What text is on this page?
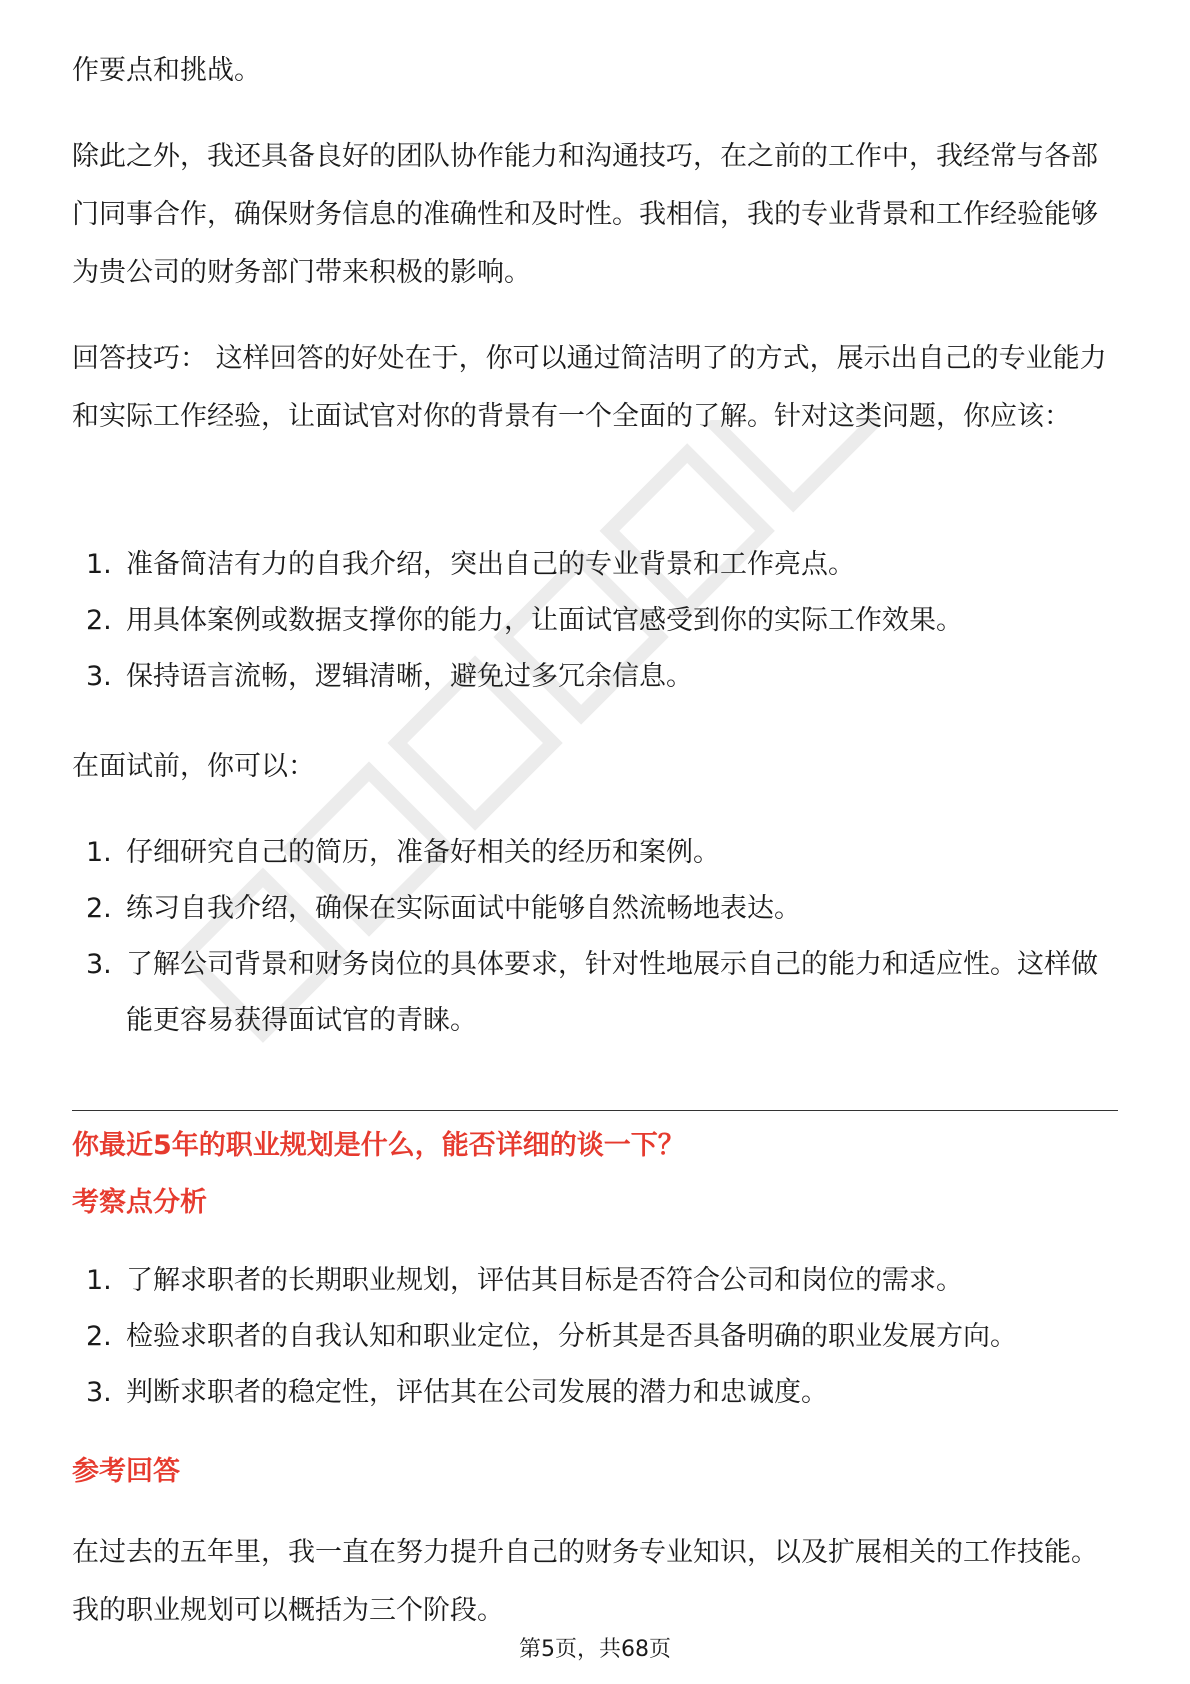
作要点和挑战。

除此之外，我还具备良好的团队协作能力和沟通技巧，在之前的工作中，我经常与各部门同事合作，确保财务信息的准确性和及时性。我相信，我的专业背景和工作经验能够为贵公司的财务部门带来积极的影响。

回答技巧： 这样回答的好处在于，你可以通过简洁明了的方式，展示出自己的专业能力和实际工作经验，让面试官对你的背景有一个全面的了解。针对这类问题，你应该：

1. 准备简洁有力的自我介绍，突出自己的专业背景和工作亮点。
2. 用具体案例或数据支撑你的能力，让面试官感受到你的实际工作效果。
3. 保持语言流畅，逻辑清晰，避免过多冗余信息。

在面试前，你可以：

1. 仔细研究自己的简历，准备好相关的经历和案例。
2. 练习自我介绍，确保在实际面试中能够自然流畅地表达。
3. 了解公司背景和财务岗位的具体要求，针对性地展示自己的能力和适应性。这样做能更容易获得面试官的青睐。

你最近5年的职业规划是什么，能否详细的谈一下？

考察点分析

1. 了解求职者的长期职业规划，评估其目标是否符合公司和岗位的需求。
2. 检验求职者的自我认知和职业定位，分析其是否具备明确的职业发展方向。
3. 判断求职者的稳定性，评估其在公司发展的潜力和忠诚度。

参考回答

在过去的五年里，我一直在努力提升自己的财务专业知识，以及扩展相关的工作技能。我的职业规划可以概括为三个阶段。

第5页，共68页
